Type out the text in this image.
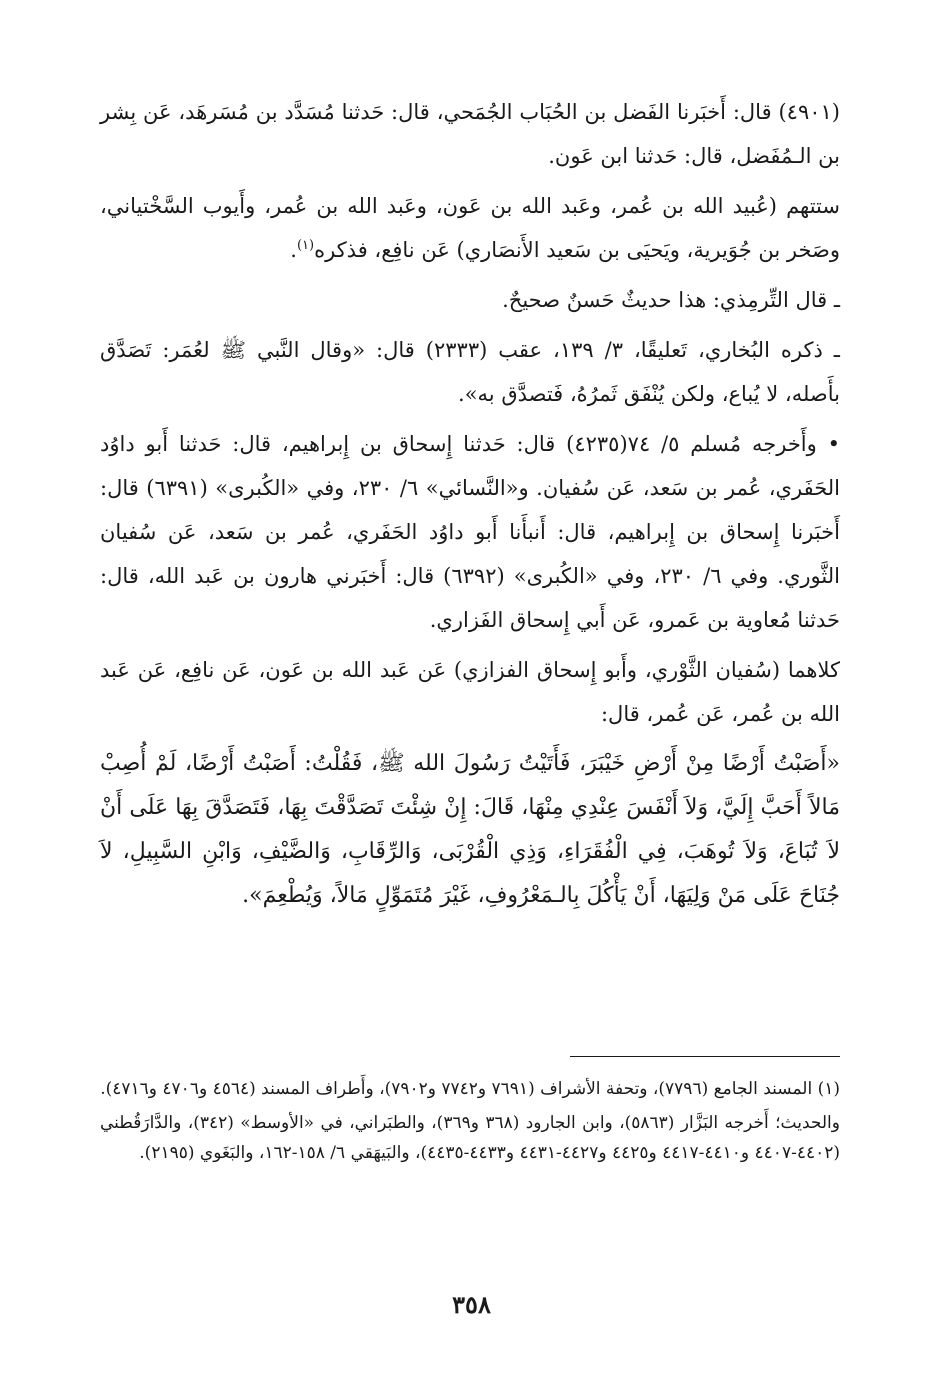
(٤٩٠١) قال: أَخبَرنا الفَضل بن الحُبَاب الجُمَحي، قال: حَدثنا مُسَدَّد بن مُسَرهَد، عَن بِشر بن الـمُفَضل، قال: حَدثنا ابن عَون.

ستتهم (عُبيد الله بن عُمر، وعَبد الله بن عَون، وعَبد الله بن عُمر، وأَيوب السَّخْتياني، وصَخر بن جُوَيرية، ويَحيَى بن سَعيد الأَنصَاري) عَن نافِع، فذكره$^{(١)}$.

ـ قال التِّرمِذي: هذا حديثٌ حَسنٌ صحيحٌ.

ـ ذكره البُخاري، تَعليقًا، ٣/ ١٣٩، عقب (٢٣٣٣) قال: «وقال النَّبي ﷺ لعُمَر: تَصَدَّق بأَصله، لا يُباع، ولكن يُنْفَق ثَمرُهُ، فَتصدَّق به».

• وأَخرجه مُسلم ٥/ ٧٤(٤٢٣٥) قال: حَدثنا إِسحاق بن إِبراهيم، قال: حَدثنا أَبو داوُد الحَفَري، عُمر بن سَعد، عَن سُفيان. و«النَّسائي» ٦/ ٢٣٠، وفي «الكُبرى» (٦٣٩١) قال: أَخبَرنا إِسحاق بن إِبراهيم، قال: أَنبأَنا أَبو داوُد الحَفَري، عُمر بن سَعد، عَن سُفيان الثَّوري. وفي ٦/ ٢٣٠، وفي «الكُبرى» (٦٣٩٢) قال: أَخبَرني هارون بن عَبد الله، قال: حَدثنا مُعاوية بن عَمرو، عَن أَبي إِسحاق الفَزاري.

كلاهما (سُفيان الثَّوْري، وأَبو إِسحاق الفزازي) عَن عَبد الله بن عَون، عَن نافِع، عَن عَبد الله بن عُمر، عَن عُمر، قال:

«أَصَبْتُ أَرْضًا مِنْ أَرْضِ خَيْبَرَ، فَأَتَيْتُ رَسُولَ الله ﷺ، فَقُلْتُ: أَصَبْتُ أَرْضًا، لَمْ أُصِبْ مَالاً أَحَبَّ إِلَيَّ، وَلاَ أَنْفَسَ عِنْدِي مِنْهَا، قَالَ: إِنْ شِئْتَ تَصَدَّقْتَ بِهَا، فَتَصَدَّقَ بِهَا عَلَى أَنْ لاَ تُبَاعَ، وَلاَ تُوهَبَ، فِي الْفُقَرَاءِ، وَذِي الْقُرْبَى، وَالرِّقَابِ، وَالضَّيْفِ، وَابْنِ السَّبِيلِ، لاَ جُنَاحَ عَلَى مَنْ وَلِيَهَا، أَنْ يَأْكُلَ بِالـمَعْرُوفِ، غَيْرَ مُتَمَوِّلٍ مَالاً، وَيُطْعِمَ».

(١) المسند الجامع (٧٧٩٦)، وتحفة الأشراف (٧٦٩١ و٧٧٤٢ و٧٩٠٢)، وأَطراف المسند (٤٥٦٤ و٤٧٠٦ و٤٧١٦).

والحديث؛ أَخرجه البَزَّار (٥٨٦٣)، وابن الجارود (٣٦٨ و٣٦٩)، والطبَراني، في «الأوسط» (٣٤٢)، والدَّارَقُطني (٤٤٠٢-٤٤٠٧ و٤٤١٠-٤٤١٧ و٤٤٢٥ و٤٤٢٧-٤٤٣١ و٤٤٣٣-٤٤٣٥)، والبَيهَقي ٦/ ١٥٨-١٦٢، والبَغَوي (٢١٩٥).

٣٥٨
